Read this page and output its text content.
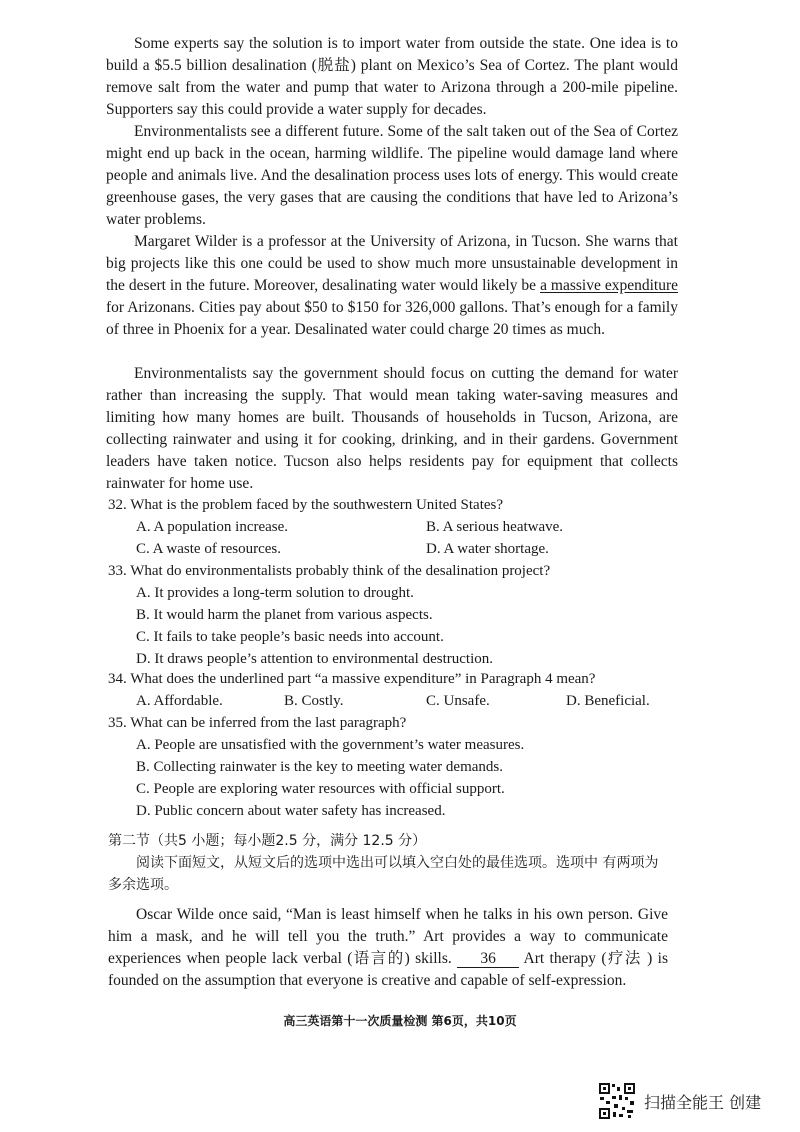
Some experts say the solution is to import water from outside the state. One idea is to build a $5.5 billion desalination (脱盐) plant on Mexico’s Sea of Cortez. The plant would remove salt from the water and pump that water to Arizona through a 200-mile pipeline. Supporters say this could provide a water supply for decades.

Environmentalists see a different future. Some of the salt taken out of the Sea of Cortez might end up back in the ocean, harming wildlife. The pipeline would damage land where people and animals live. And the desalination process uses lots of energy. This would create greenhouse gases, the very gases that are causing the conditions that have led to Arizona’s water problems.

Margaret Wilder is a professor at the University of Arizona, in Tucson. She warns that big projects like this one could be used to show much more unsustainable development in the desert in the future. Moreover, desalinating water would likely be a massive expenditure for Arizonans. Cities pay about $50 to $150 for 326,000 gallons. That’s enough for a family of three in Phoenix for a year. Desalinated water could charge 20 times as much.

Environmentalists say the government should focus on cutting the demand for water rather than increasing the supply. That would mean taking water-saving measures and limiting how many homes are built. Thousands of households in Tucson, Arizona, are collecting rainwater and using it for cooking, drinking, and in their gardens. Government leaders have taken notice. Tucson also helps residents pay for equipment that collects rainwater for home use.

32. What is the problem faced by the southwestern United States?
A. A population increase.	B. A serious heatwave.
C. A waste of resources.	D. A water shortage.
33. What do environmentalists probably think of the desalination project?
A. It provides a long-term solution to drought.
B. It would harm the planet from various aspects.
C. It fails to take people’s basic needs into account.
D. It draws people’s attention to environmental destruction.
34. What does the underlined part “a massive expenditure” in Paragraph 4 mean?
A. Affordable.	B. Costly.	C. Unsafe.	D. Beneficial.
35. What can be inferred from the last paragraph?
A. People are unsatisfied with the government’s water measures.
B. Collecting rainwater is the key to meeting water demands.
C. People are exploring water resources with official support.
D. Public concern about water safety has increased.
第二节（共5 小题；每小题2.5 分，满分 12.5 分）

阅读下面短文，从短文后的选项中选出可以填入空白处的最佳选项。选项中 有两项为 多余选项。

Oscar Wilde once said, “Man is least himself when he talks in his own person. Give him a mask, and he will tell you the truth.” Art provides a way to communicate experiences when people lack verbal (语言的) skills. 36 Art therapy (疗法 ) is founded on the assumption that everyone is creative and capable of self-expression.

高三英语第十一次质量检测 第6页，共10页
扫描全能王 创建
